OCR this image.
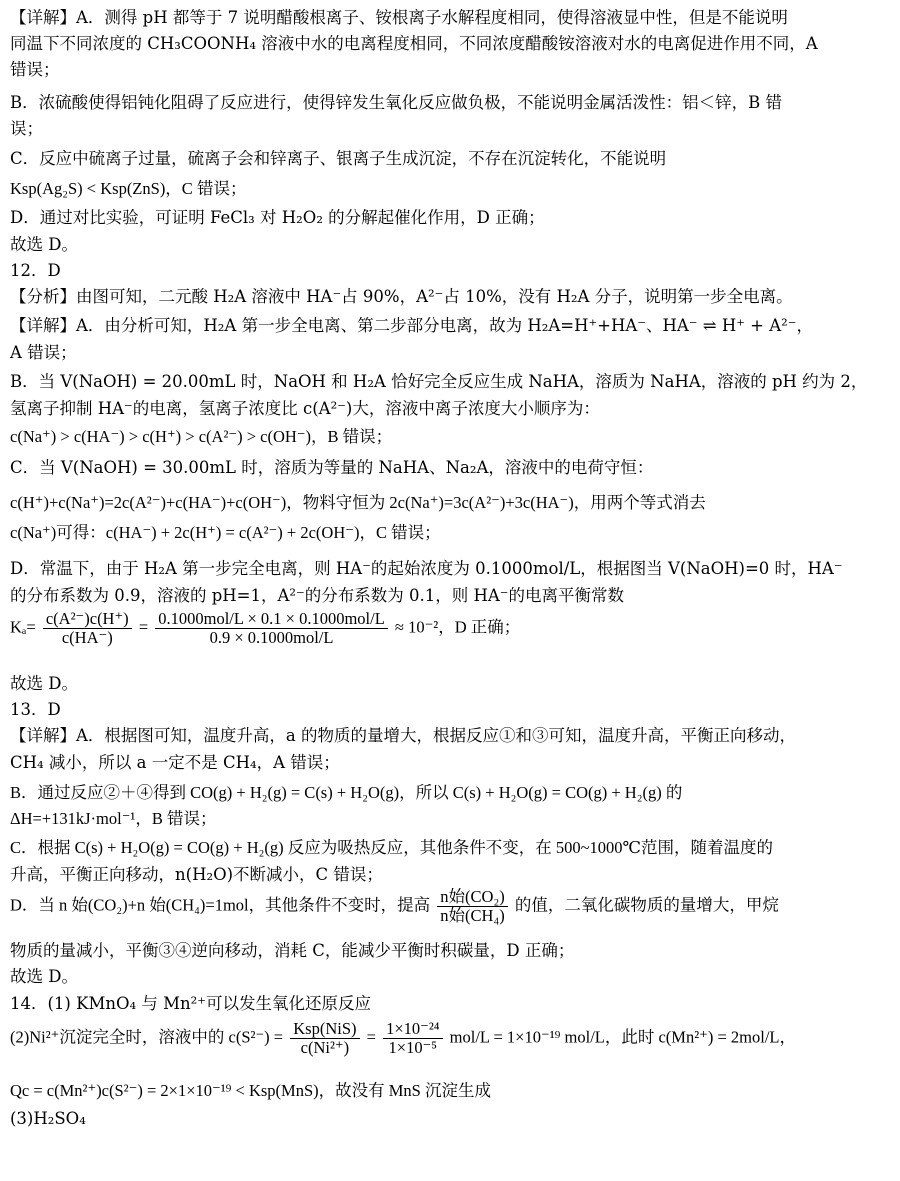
【详解】A．测得 pH 都等于 7 说明醋酸根离子、铵根离子水解程度相同，使得溶液显中性，但是不能说明
同温下不同浓度的 CH₃COONH₄ 溶液中水的电离程度相同，不同浓度醋酸铵溶液对水的电离促进作用不同，A
错误；
B．浓硫酸使得铝钝化阻碍了反应进行，使得锌发生氧化反应做负极，不能说明金属活泼性：铝＜锌，B 错
误；
C．反应中硫离子过量，硫离子会和锌离子、银离子生成沉淀，不存在沉淀转化，不能说明
Ksp(Ag₂S) < Ksp(ZnS)，C 错误；
D．通过对比实验，可证明 FeCl₃ 对 H₂O₂ 的分解起催化作用，D 正确；
故选 D。
12．D
【分析】由图可知，二元酸 H₂A 溶液中 HA⁻占 90%，A²⁻占 10%，没有 H₂A 分子，说明第一步全电离。
【详解】A．由分析可知，H₂A 第一步全电离、第二步部分电离，故为 H₂A=H⁺+HA⁻、HA⁻ ⇌ H⁺ + A²⁻，
A 错误；
B．当 V(NaOH) = 20.00mL 时，NaOH 和 H₂A 恰好完全反应生成 NaHA，溶质为 NaHA，溶液的 pH 约为 2，
氢离子抑制 HA⁻的电离，氢离子浓度比 c(A²⁻)大，溶液中离子浓度大小顺序为：
c(Na⁺) > c(HA⁻) > c(H⁺) > c(A²⁻) > c(OH⁻)，B 错误；
C．当 V(NaOH) = 30.00mL 时，溶质为等量的 NaHA、Na₂A，溶液中的电荷守恒：
c(H⁺)+c(Na⁺)=2c(A²⁻)+c(HA⁻)+c(OH⁻)，物料守恒为 2c(Na⁺)=3c(A²⁻)+3c(HA⁻)，用两个等式消去
c(Na⁺)可得：c(HA⁻) + 2c(H⁺) = c(A²⁻) + 2c(OH⁻)，C 错误；
D．常温下，由于 H₂A 第一步完全电离，则 HA⁻的起始浓度为 0.1000mol/L，根据图当 V(NaOH)=0 时，HA⁻
的分布系数为 0.9，溶液的 pH=1，A²⁻的分布系数为 0.1，则 HA⁻的电离平衡常数
$K_a= \frac{\text{c(A²⁻)c(H⁺)}}{c(HA^-)} = \frac{\text{0.1000mol/L × 0.1 × 0.1000mol/L}}{\text{0.9 × 0.1000mol/L}} \approx 10^{-2}$，D 正确；
故选 D。
13．D
【详解】A．根据图可知，温度升高，a 的物质的量增大，根据反应①和③可知，温度升高，平衡正向移动，
CH₄ 减小，所以 a 一定不是 CH₄，A 错误；
B．通过反应②＋④得到 CO(g) + H₂(g) = C(s) + H₂O(g)，所以 C(s) + H₂O(g) = CO(g) + H₂(g) 的
ΔH=+131kJ·mol⁻¹，B 错误；
C．根据 C(s) + H₂O(g) = CO(g) + H₂(g) 反应为吸热反应，其他条件不变，在 500~1000℃范围，随着温度的
升高，平衡正向移动，n(H₂O)不断减小，C 错误；
D．当 n 始(CO₂)+n 始(CH₄)=1mol，其他条件不变时，提高 $\frac{\text{n始(CO₂)}}{\text{n始(CH₄)}}$ 的值，二氧化碳物质的量增大，甲烷
物质的量减小，平衡③④逆向移动，消耗 C，能减少平衡时积碳量，D 正确；
故选 D。
14．(1) KMnO₄ 与 Mn²⁺可以发生氧化还原反应
(2)Ni²⁺沉淀完全时，溶液中的 $c(S^{2-}) = \frac{\text{Ksp(NiS)}}{\text{c(Ni²⁺)}} = \frac{\text{1×10⁻²⁴}}{\text{1×10⁻⁵}} mol/L = 1\times 10^{-19}$ mol/L，此时 c(Mn²⁺) = 2mol/L，
Qc = c(Mn²⁺)c(S²⁻) = 2×1×10⁻¹⁹ < Ksp(MnS)，故没有 MnS 沉淀生成
(3)H₂SO₄
